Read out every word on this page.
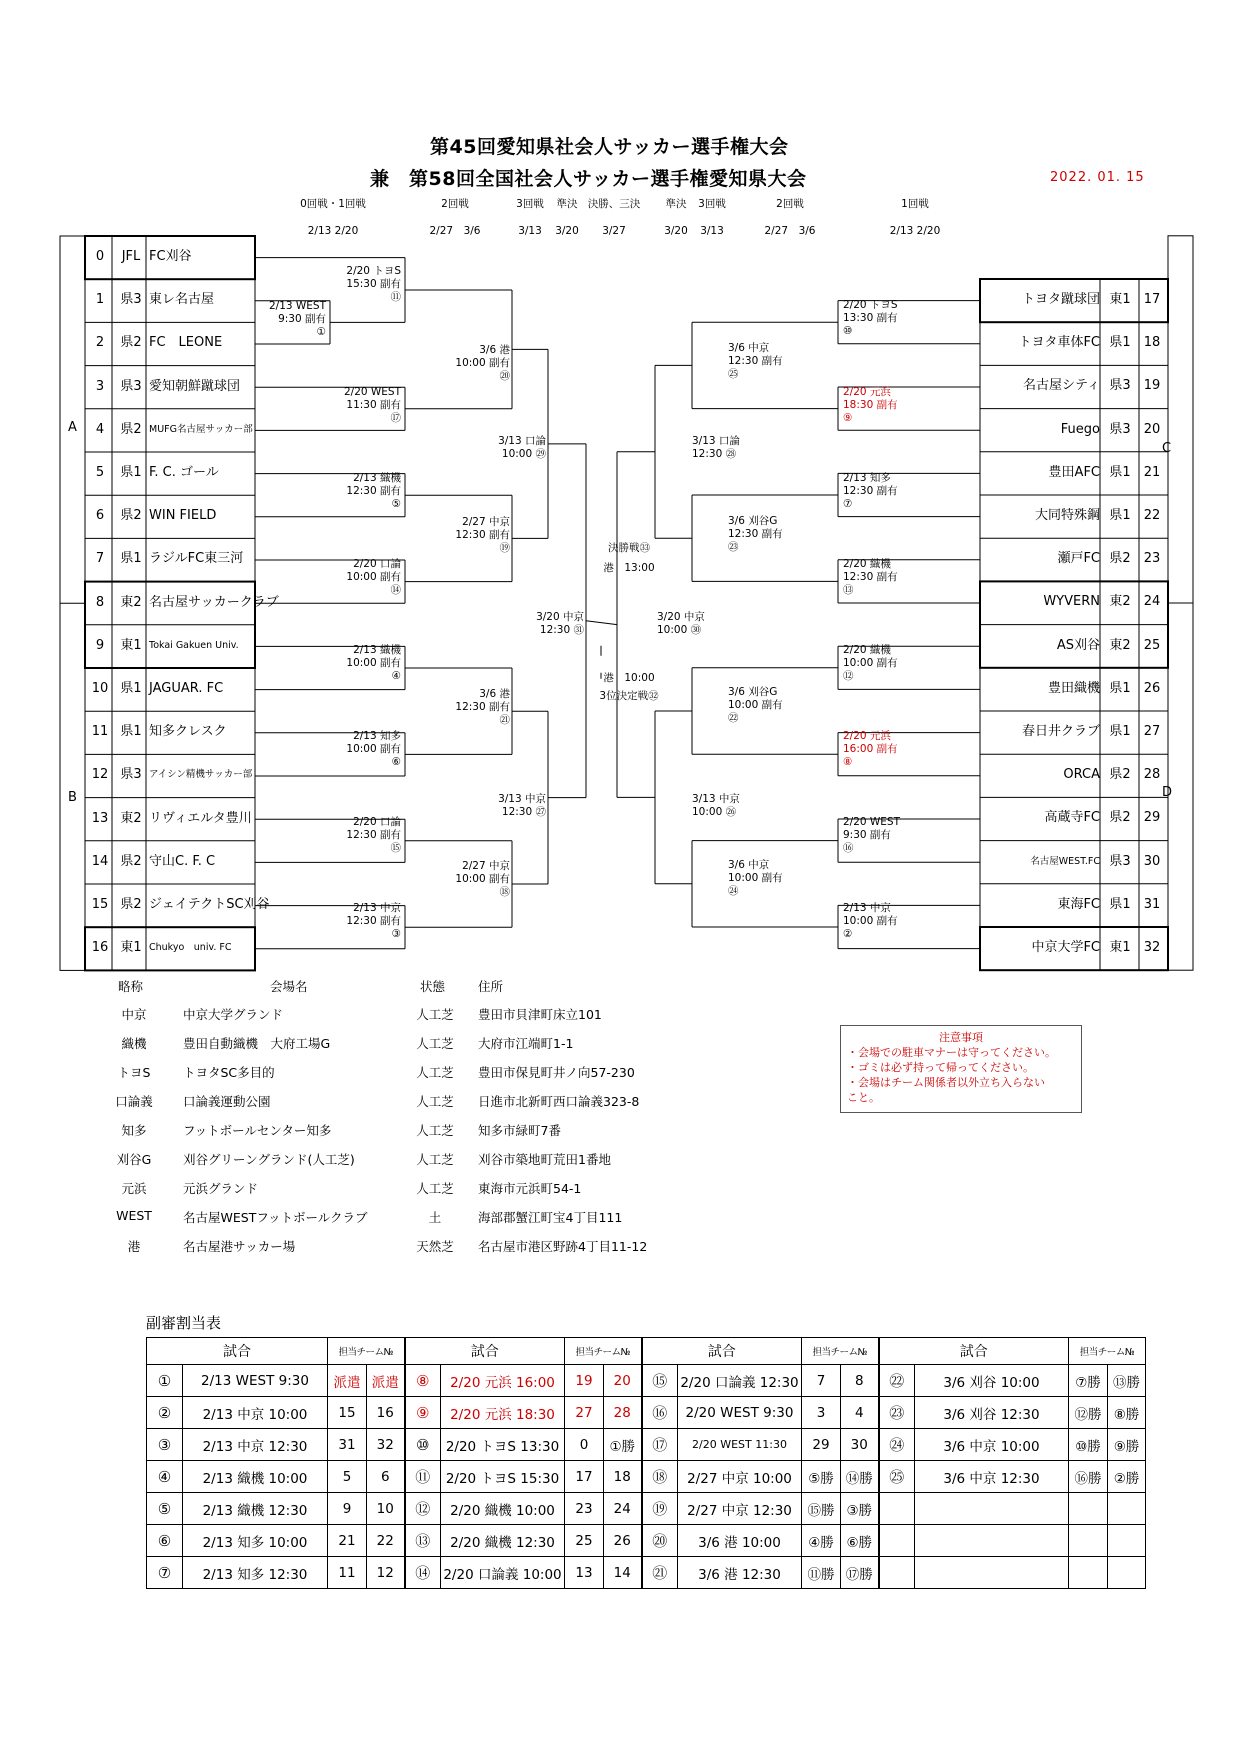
第45回愛知県社会人サッカー選手権大会
兼　第58回全国社会人サッカー選手権愛知県大会	2022. 01. 15
0回戦・1回戦
2/13 2/20
2回戦
2/27　3/6
3回戦
3/13
準決
3/20
決勝、三決
3/27
準決
3/20
3回戦
3/13
2回戦
2/27　3/6
1回戦
2/13 2/20
A
B
C
D
0	JFL FC刈谷
1	県3 東レ名古屋
2	県2 FC　LEONE
3	県3 愛知朝鮮蹴球団
4	県2 MUFG名古屋サッカー部
5	県1 F. C. ゴール
6	県2 WIN FIELD
7	県1 ラジルFC東三河
8	東2 名古屋サッカークラブ
9	東1 Tokai Gakuen Univ.
10 県1 JAGUAR. FC
11 県1 知多クレスク
12 県3 アイシン精機サッカー部
13 東2 リヴィエルタ豊川
14 県2 守山C. F. C
15 県2 ジェイテクトSC刈谷
16 東1 Chukyo　univ. FC
トヨタ蹴球団 東1	17
トヨタ車体FC 県1	18
名古屋シティ 県3	19
Fuego 県3	20
豊田AFC 県1	21
大同特殊鋼 県1	22
瀬戸FC 県2	23
WYVERN 東2	24
AS刈谷 東2	25
豊田織機 県1	26
春日井クラブ 県1	27
ORCA 県2	28
高蔵寺FC 県2	29
名古屋WEST.FC 県3	30
東海FC 県1	31
中京大学FC 東1	32
2/13 WEST
9:30 副有
①
2/20 トヨS
15:30 副有
⑪
2/20 WEST
11:30 副有
⑰
2/13 織機
12:30 副有
⑤
2/20 口論
10:00 副有
⑭
2/13 織機
10:00 副有
④
2/13 知多
10:00 副有
⑥
2/20 口論
12:30 副有
⑮
2/13 中京
12:30 副有
③
3/6 港
10:00 副有
⑳
2/27 中京
12:30 副有
⑲
3/6 港
12:30 副有
㉑
2/27 中京
10:00 副有
⑱
3/13 口論
10:00 ㉙
3/13 中京
12:30 ㉗
3/20 中京
12:30 ㉛
2/20 トヨS
13:30 副有
⑩
2/20 元浜
18:30 副有
⑨
2/13 知多
12:30 副有
⑦
2/20 織機
12:30 副有
⑬
2/20 織機
10:00 副有
⑫
2/20 元浜
16:00 副有
⑧
2/20 WEST
9:30 副有
⑯
2/13 中京
10:00 副有
②
3/6 中京
12:30 副有
㉕
3/6 刈谷G
12:30 副有
㉓
3/6 刈谷G
10:00 副有
㉒
3/6 中京
10:00 副有
㉔
3/13 口論
12:30 ㉘
3/13 中京
10:00 ㉖
3/20 中京
10:00 ㉚
決勝戦㉝
港　13:00
港　10:00
3位決定戦㉜
略称	会場名	状態	住所
中京	中京大学グランド	人工芝	豊田市貝津町床立101
織機	豊田自動織機　大府工場G	人工芝	大府市江端町1-1
トヨS	トヨタSC多目的	人工芝	豊田市保見町井ノ向57-230
口論義	口論義運動公園	人工芝	日進市北新町西口論義323-8
知多	フットボールセンター知多	人工芝	知多市緑町7番
刈谷G	刈谷グリーングランド(人工芝)	人工芝	刈谷市築地町荒田1番地
元浜	元浜グランド	人工芝	東海市元浜町54-1
WEST	名古屋WESTフットボールクラブ	土	海部郡蟹江町宝4丁目111
港	名古屋港サッカー場	天然芝	名古屋市港区野跡4丁目11-12
注意事項
・会場での駐車マナーは守ってください。
・ゴミは必ず持って帰ってください。
・会場はチーム関係者以外立ち入らない
こと。
副審割当表
試合		担当チーム№		試合		担当チーム№		試合		担当チーム№		試合		担当チーム№	
①	2/13 WEST 9:30	派遣	派遣	⑧	2/20 元浜 16:00	19	20	⑮	2/20 口論義 12:30	7	8	㉒	3/6 刈谷 10:00	⑦勝	⑬勝
②	2/13 中京 10:00	15	16	⑨	2/20 元浜 18:30	27	28	⑯	2/20 WEST 9:30	3	4	㉓	3/6 刈谷 12:30	⑫勝	⑧勝
③	2/13 中京 12:30	31	32	⑩	2/20 トヨS 13:30	0	①勝	⑰	2/20 WEST 11:30	29	30	㉔	3/6 中京 10:00	⑩勝	⑨勝
④	2/13 織機 10:00	5	6	⑪	2/20 トヨS 15:30	17	18	⑱	2/27 中京 10:00	⑤勝	⑭勝	㉕	3/6 中京 12:30	⑯勝	②勝
⑤	2/13 織機 12:30	9	10	⑫	2/20 織機 10:00	23	24	⑲	2/27 中京 12:30	⑮勝	③勝				
⑥	2/13 知多 10:00	21	22	⑬	2/20 織機 12:30	25	26	⑳	3/6 港 10:00	④勝	⑥勝				
⑦	2/13 知多 12:30	11	12	⑭	2/20 口論義 10:00	13	14	㉑	3/6 港 12:30	⑪勝	⑰勝				
